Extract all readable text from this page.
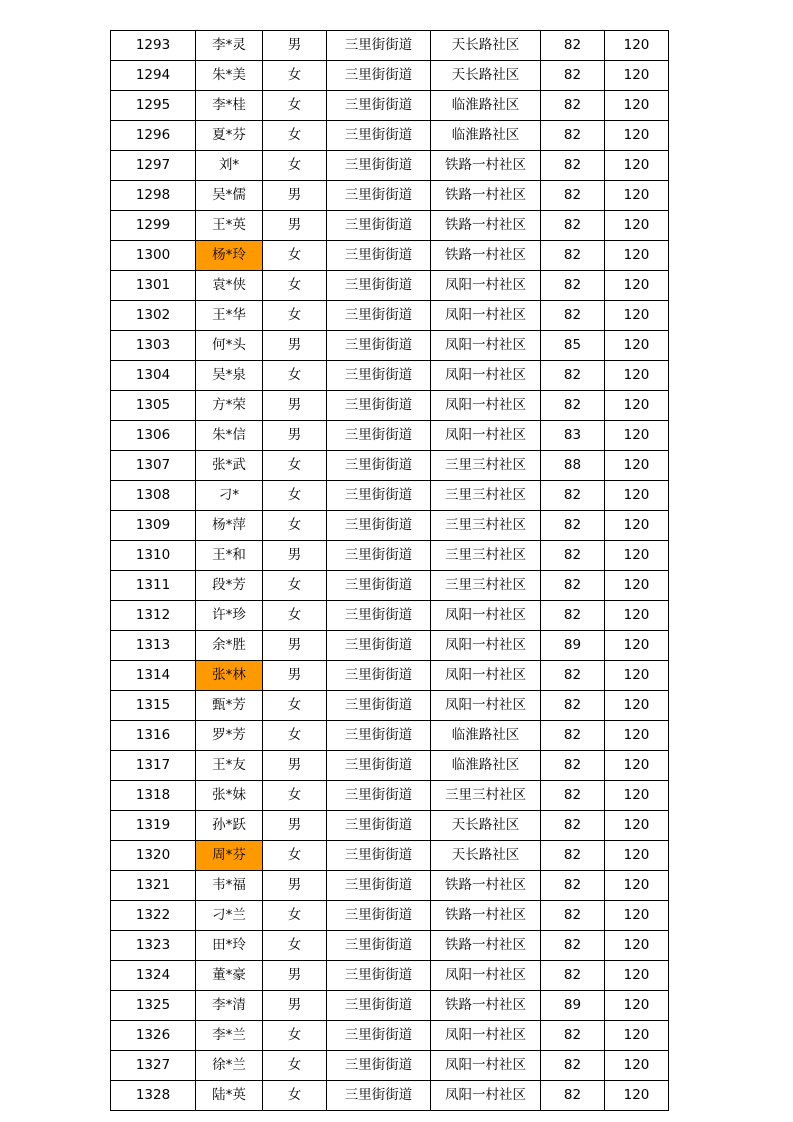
1293	李*灵	男	三里街街道	天长路社区	82	120
1294	朱*美	女	三里街街道	天长路社区	82	120
1295	李*桂	女	三里街街道	临淮路社区	82	120
1296	夏*芬	女	三里街街道	临淮路社区	82	120
1297	刘*	女	三里街街道	铁路一村社区	82	120
1298	吴*儒	男	三里街街道	铁路一村社区	82	120
1299	王*英	男	三里街街道	铁路一村社区	82	120
1300	杨*玲	女	三里街街道	铁路一村社区	82	120
1301	袁*侠	女	三里街街道	凤阳一村社区	82	120
1302	王*华	女	三里街街道	凤阳一村社区	82	120
1303	何*头	男	三里街街道	凤阳一村社区	85	120
1304	吴*泉	女	三里街街道	凤阳一村社区	82	120
1305	方*荣	男	三里街街道	凤阳一村社区	82	120
1306	朱*信	男	三里街街道	凤阳一村社区	83	120
1307	张*武	女	三里街街道	三里三村社区	88	120
1308	刁*	女	三里街街道	三里三村社区	82	120
1309	杨*萍	女	三里街街道	三里三村社区	82	120
1310	王*和	男	三里街街道	三里三村社区	82	120
1311	段*芳	女	三里街街道	三里三村社区	82	120
1312	许*珍	女	三里街街道	凤阳一村社区	82	120
1313	余*胜	男	三里街街道	凤阳一村社区	89	120
1314	张*林	男	三里街街道	凤阳一村社区	82	120
1315	甄*芳	女	三里街街道	凤阳一村社区	82	120
1316	罗*芳	女	三里街街道	临淮路社区	82	120
1317	王*友	男	三里街街道	临淮路社区	82	120
1318	张*妹	女	三里街街道	三里三村社区	82	120
1319	孙*跃	男	三里街街道	天长路社区	82	120
1320	周*芬	女	三里街街道	天长路社区	82	120
1321	韦*福	男	三里街街道	铁路一村社区	82	120
1322	刁*兰	女	三里街街道	铁路一村社区	82	120
1323	田*玲	女	三里街街道	铁路一村社区	82	120
1324	董*豪	男	三里街街道	凤阳一村社区	82	120
1325	李*清	男	三里街街道	铁路一村社区	89	120
1326	李*兰	女	三里街街道	凤阳一村社区	82	120
1327	徐*兰	女	三里街街道	凤阳一村社区	82	120
1328	陆*英	女	三里街街道	凤阳一村社区	82	120
